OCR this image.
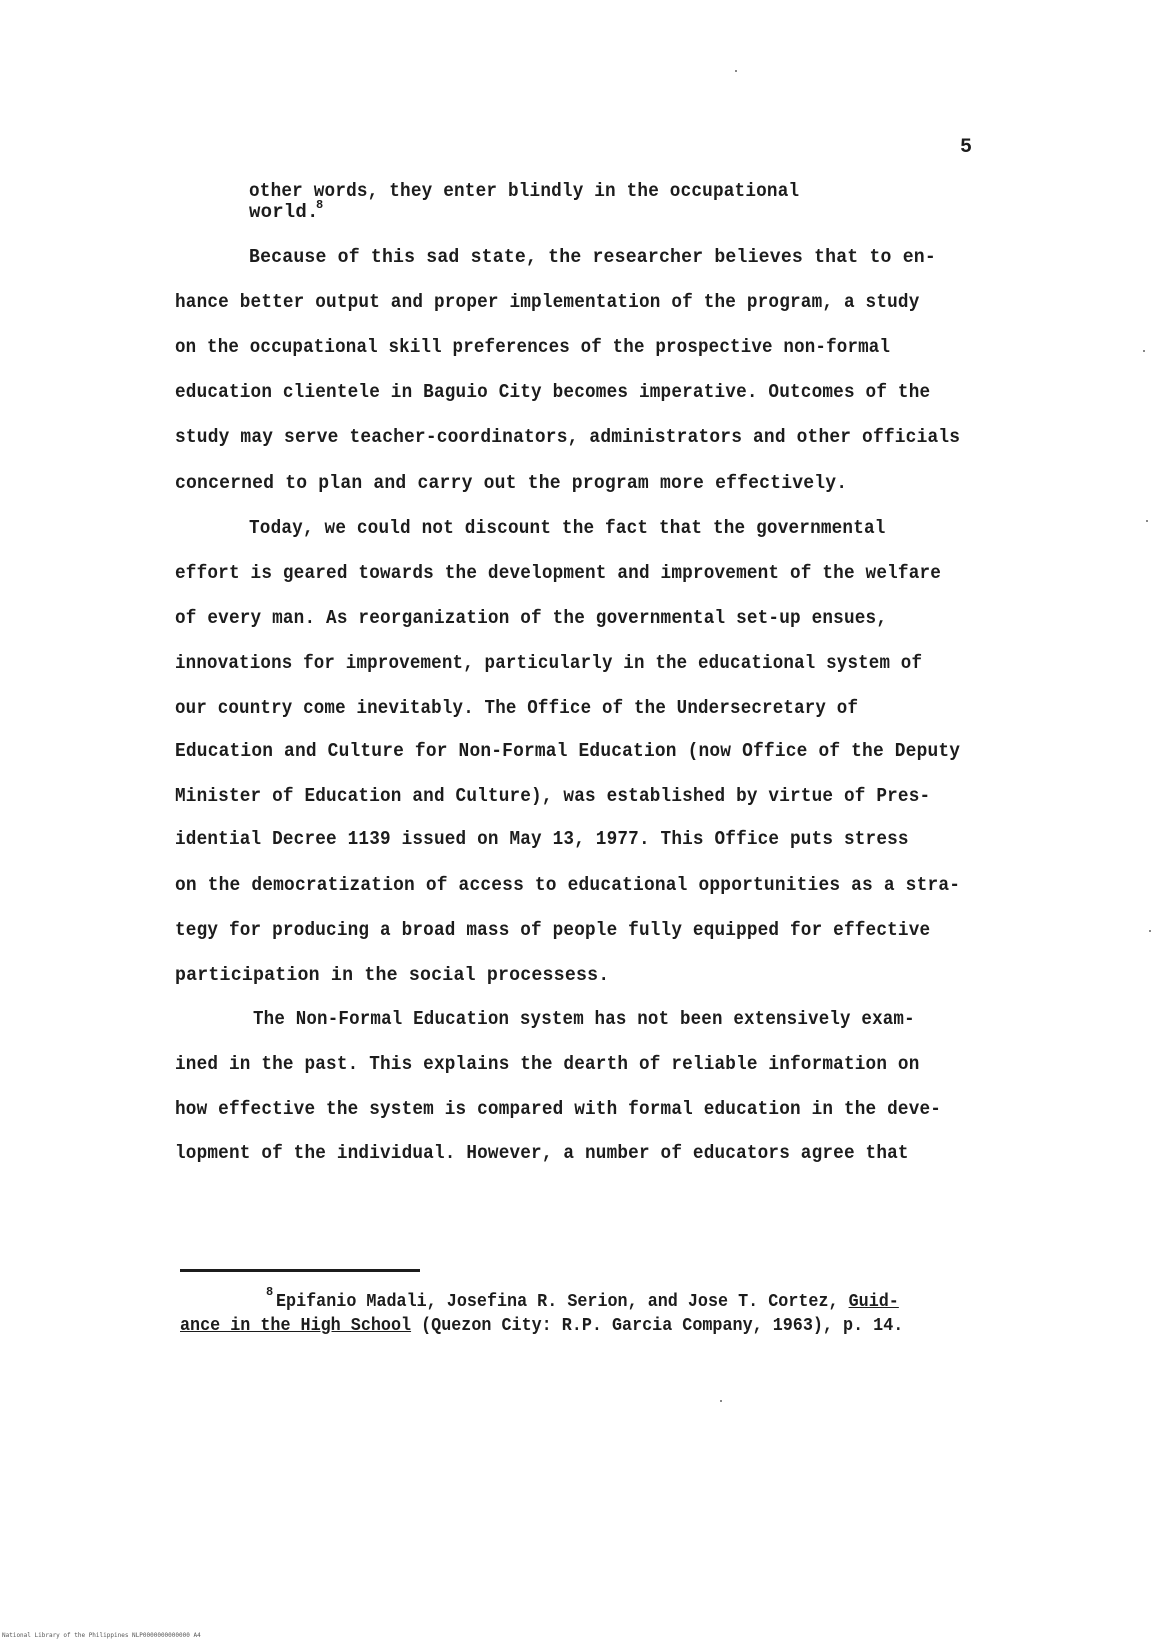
5
other words, they enter blindly in the occupational
world.
8
Because of this sad state, the researcher believes that to en-
hance better output and proper implementation of the program, a study
on the occupational skill preferences of the prospective non-formal
education clientele in Baguio City becomes imperative. Outcomes of the
study may serve teacher-coordinators, administrators and other officials
concerned to plan and carry out the program more effectively.
Today, we could not discount the fact that the governmental
effort is geared towards the development and improvement of the welfare
of every man. As reorganization of the governmental set-up ensues,
innovations for improvement, particularly in the educational system of
our country come inevitably. The Office of the Undersecretary of
Education and Culture for Non-Formal Education (now Office of the Deputy
Minister of Education and Culture), was established by virtue of Pres-
idential Decree 1139 issued on May 13, 1977. This Office puts stress
on the democratization of access to educational opportunities as a stra-
tegy for producing a broad mass of people fully equipped for effective
participation in the social processess.
The Non-Formal Education system has not been extensively exam-
ined in the past. This explains the dearth of reliable information on
how effective the system is compared with formal education in the deve-
lopment of the individual. However, a number of educators agree that
8 Epifanio Madali, Josefina R. Serion, and Jose T. Cortez, Guid-
ance in the High School (Quezon City: R.P. Garcia Company, 1963), p. 14.
National Library of the Philippines NLP0000000000000 A4
